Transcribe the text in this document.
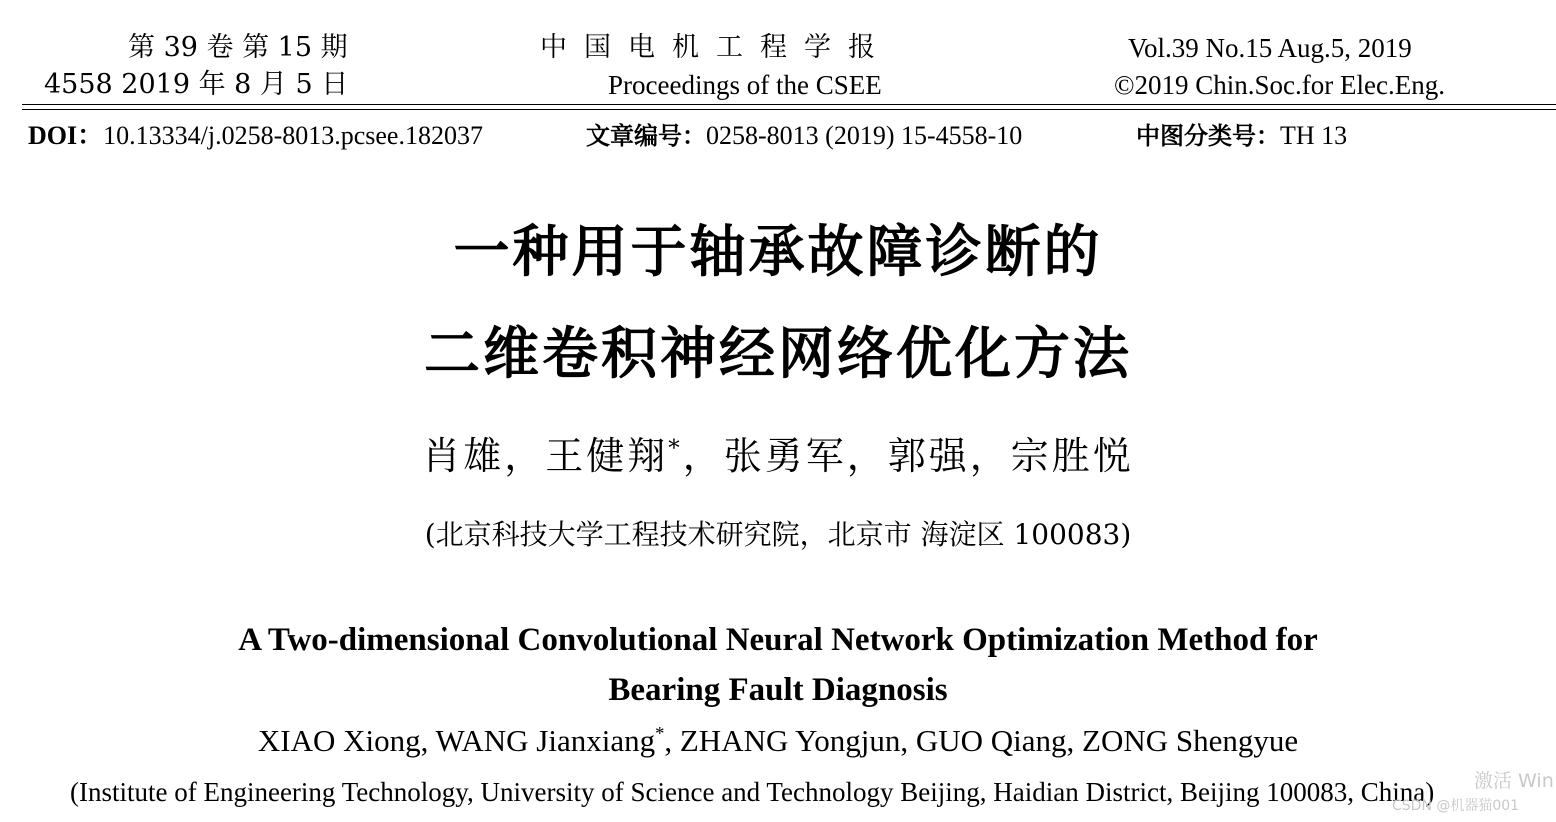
第 39 卷 第 15 期
4558 2019 年 8 月 5 日
中国电机工程学报
Proceedings of the CSEE
Vol.39 No.15 Aug.5, 2019
©2019 Chin.Soc.for Elec.Eng.
DOI：10.13334/j.0258-8013.pcsee.182037	文章编号：0258-8013 (2019) 15-4558-10	中图分类号：TH 13
一种用于轴承故障诊断的
二维卷积神经网络优化方法
肖雄，王健翔*，张勇军，郭强，宗胜悦
(北京科技大学工程技术研究院，北京市 海淀区 100083)
A Two-dimensional Convolutional Neural Network Optimization Method for
Bearing Fault Diagnosis
XIAO Xiong, WANG Jianxiang*, ZHANG Yongjun, GUO Qiang, ZONG Shengyue
(Institute of Engineering Technology, University of Science and Technology Beijing, Haidian District, Beijing 100083, China) 激活 Win
CSDN @机器猫001
